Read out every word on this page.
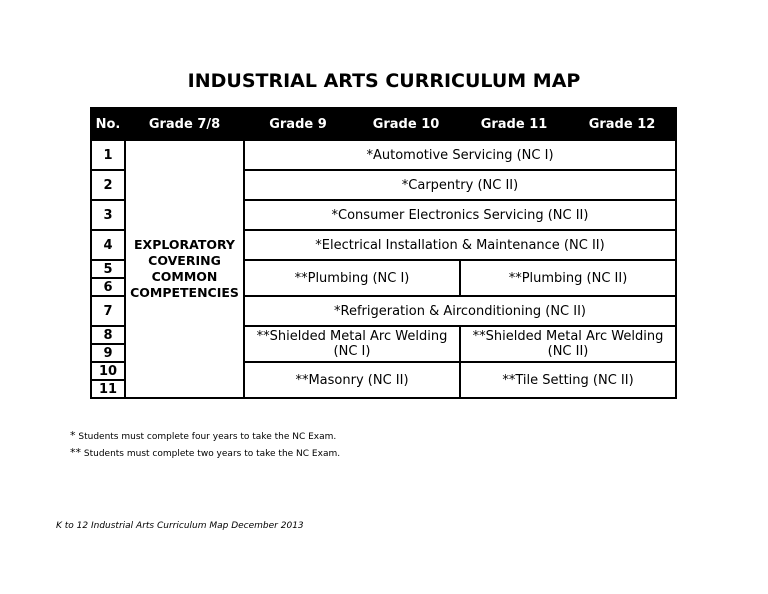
INDUSTRIAL ARTS CURRICULUM MAP
No.	Grade 7/8	Grade 9	Grade 10	Grade 11	Grade 12
1	EXPLORATORY COVERING COMMON COMPETENCIES	*Automotive Servicing (NC I)			
2		*Carpentry (NC II)			
3		*Consumer Electronics Servicing (NC II)			
4		*Electrical Installation & Maintenance (NC II)			
5		**Plumbing (NC I)		**Plumbing (NC II)	
6					
7		*Refrigeration & Airconditioning (NC II)			
8		**Shielded Metal Arc Welding (NC I)		**Shielded Metal Arc Welding (NC II)	
9					
10		**Masonry (NC II)		**Tile Setting (NC II)	
11					
* Students must complete four years to take the NC Exam.
** Students must complete two years to take the NC Exam.
K to 12 Industrial Arts Curriculum Map December 2013
